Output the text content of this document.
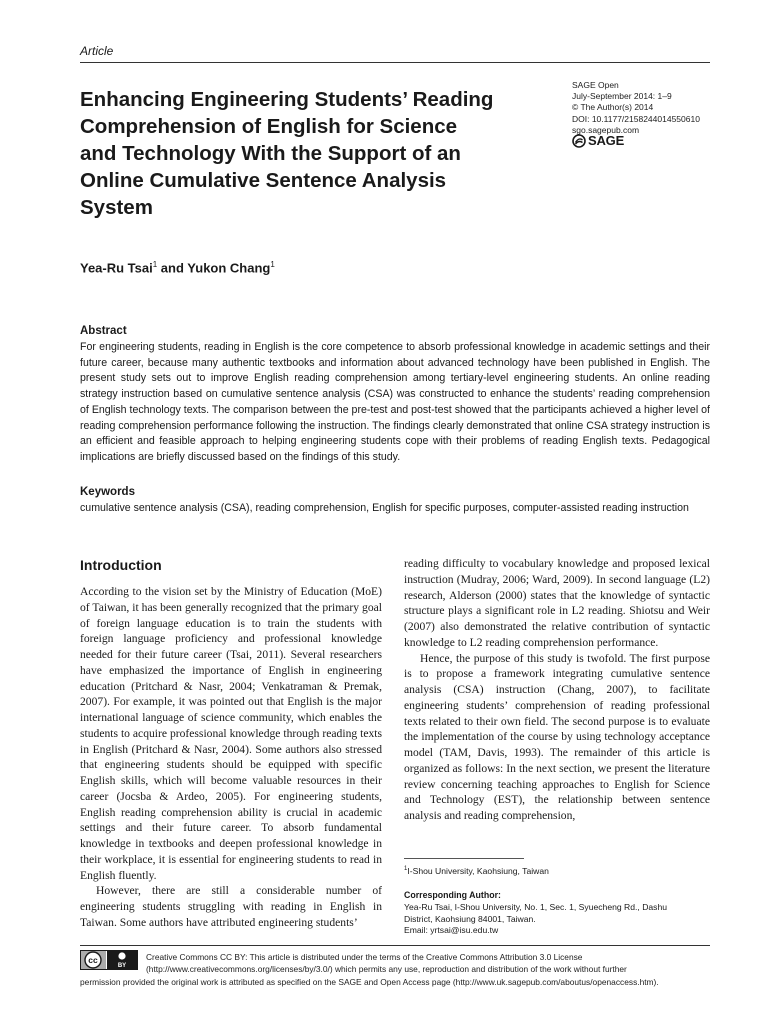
Article
Enhancing Engineering Students’ Reading
Comprehension of English for Science
and Technology With the Support of an
Online Cumulative Sentence Analysis
System
SAGE Open
July-September 2014: 1–9
© The Author(s) 2014
DOI: 10.1177/2158244014550610
sgo.sagepub.com
SAGE
Yea-Ru Tsai$^1$ and Yukon Chang$^1$
Abstract
For engineering students, reading in English is the core competence to absorb professional knowledge in academic settings and their future career, because many authentic textbooks and information about advanced technology have been published in English. The present study sets out to improve English reading comprehension among tertiary-level engineering students. An online reading strategy instruction based on cumulative sentence analysis (CSA) was constructed to enhance the students’ reading comprehension of English technology texts. The comparison between the pre-test and post-test showed that the participants achieved a higher level of reading comprehension performance following the instruction. The findings clearly demonstrated that online CSA strategy instruction is an efficient and feasible approach to helping engineering students cope with their problems of reading English texts. Pedagogical implications are briefly discussed based on the findings of this study.
Keywords
cumulative sentence analysis (CSA), reading comprehension, English for specific purposes, computer-assisted reading instruction
Introduction

According to the vision set by the Ministry of Education (MoE) of Taiwan, it has been generally recognized that the primary goal of foreign language education is to train the students with foreign language proficiency and professional knowledge needed for their future career (Tsai, 2011). Several researchers have emphasized the importance of English in engineering education (Pritchard & Nasr, 2004; Venkatraman & Premak, 2007). For example, it was pointed out that English is the major international language of science community, which enables the students to acquire professional knowledge through reading texts in English (Pritchard & Nasr, 2004). Some authors also stressed that engineering students should be equipped with specific English skills, which will become valuable resources in their career (Jocsba & Ardeo, 2005). For engineering students, English reading comprehension ability is crucial in academic settings and their future career. To absorb fundamental knowledge in textbooks and deepen professional knowledge in their workplace, it is essential for engineering students to read in English fluently.

However, there are still a considerable number of engineering students struggling with reading in English in Taiwan. Some authors have attributed engineering students’

reading difficulty to vocabulary knowledge and proposed lexical instruction (Mudray, 2006; Ward, 2009). In second language (L2) research, Alderson (2000) states that the knowledge of syntactic structure plays a significant role in L2 reading. Shiotsu and Weir (2007) also demonstrated the relative contribution of syntactic knowledge to L2 reading comprehension performance.

Hence, the purpose of this study is twofold. The first purpose is to propose a framework integrating cumulative sentence analysis (CSA) instruction (Chang, 2007), to facilitate engineering students’ comprehension of reading professional texts related to their own field. The second purpose is to evaluate the implementation of the course by using technology acceptance model (TAM, Davis, 1993). The remainder of this article is organized as follows: In the next section, we present the literature review concerning teaching approaches to English for Science and Technology (EST), the relationship between sentence analysis and reading comprehension,

$^1$I-Shou University, Kaohsiung, Taiwan
Corresponding Author:
Yea-Ru Tsai, I-Shou University, No. 1, Sec. 1, Syuecheng Rd., Dashu
District, Kaohsiung 84001, Taiwan.
Email: yrtsai@isu.edu.tw
cc
BY
Creative Commons CC BY: This article is distributed under the terms of the Creative Commons Attribution 3.0 License
(http://www.creativecommons.org/licenses/by/3.0/) which permits any use, reproduction and distribution of the work without further
permission provided the original work is attributed as specified on the SAGE and Open Access page (http://www.uk.sagepub.com/aboutus/openaccess.htm).
